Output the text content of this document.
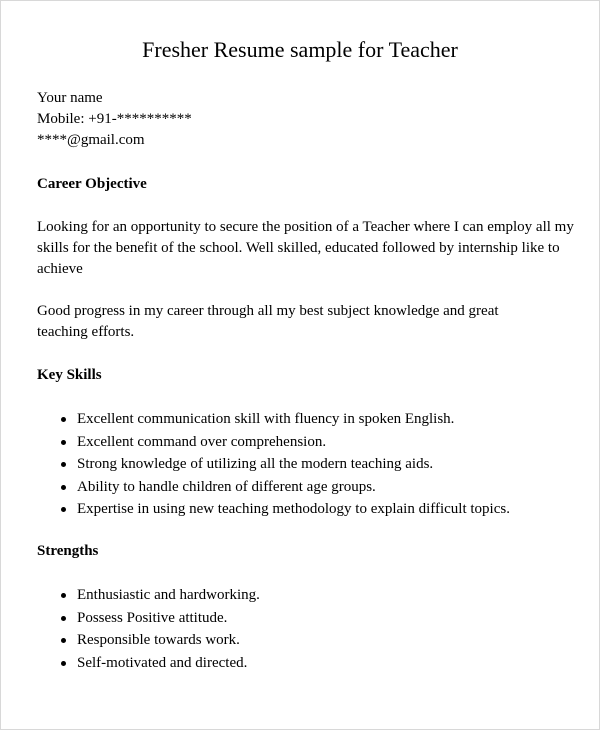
Fresher Resume sample for Teacher
Your name
Mobile: +91-**********
****@gmail.com
Career Objective
Looking for an opportunity to secure the position of a Teacher where I can employ all my skills for the benefit of the school. Well skilled, educated followed by internship like to achieve
Good progress in my career through all my best subject knowledge and great teaching efforts.
Key Skills
Excellent communication skill with fluency in spoken English.
Excellent command over comprehension.
Strong knowledge of utilizing all the modern teaching aids.
Ability to handle children of different age groups.
Expertise in using new teaching methodology to explain difficult topics.
Strengths
Enthusiastic and hardworking.
Possess Positive attitude.
Responsible towards work.
Self-motivated and directed.
